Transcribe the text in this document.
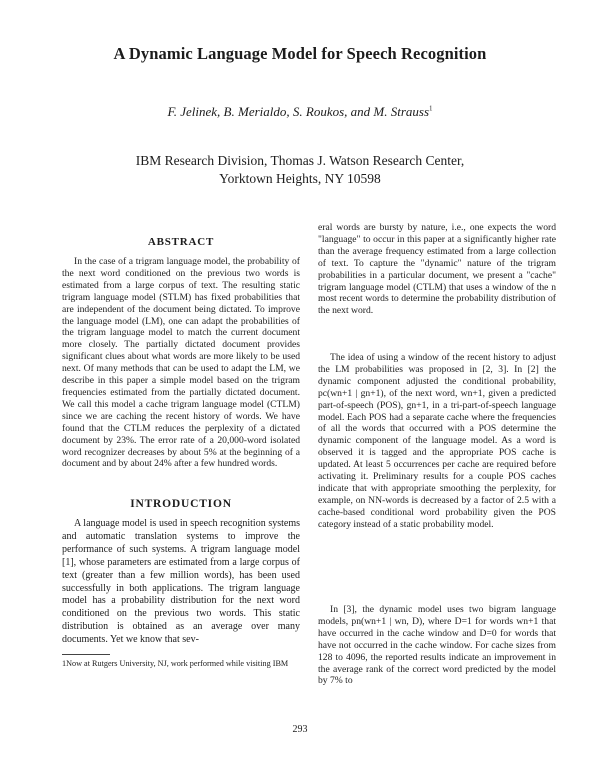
A Dynamic Language Model for Speech Recognition

F. Jelinek, B. Merialdo, S. Roukos, and M. Strauss$^1$

IBM Research Division, Thomas J. Watson Research Center,
Yorktown Heights, NY 10598
ABSTRACT

In the case of a trigram language model, the probability of the next word conditioned on the previous two words is estimated from a large corpus of text. The resulting static trigram language model (STLM) has fixed probabilities that are independent of the document being dictated. To improve the language model (LM), one can adapt the probabilities of the trigram language model to match the current document more closely. The partially dictated document provides significant clues about what words are more likely to be used next. Of many methods that can be used to adapt the LM, we describe in this paper a simple model based on the trigram frequencies estimated from the partially dictated document. We call this model a cache trigram language model (CTLM) since we are caching the recent history of words. We have found that the CTLM reduces the perplexity of a dictated document by 23%. The error rate of a 20,000-word isolated word recognizer decreases by about 5% at the beginning of a document and by about 24% after a few hundred words.

INTRODUCTION

A language model is used in speech recognition systems and automatic translation systems to improve the performance of such systems. A trigram language model [1], whose parameters are estimated from a large corpus of text (greater than a few million words), has been used successfully in both applications. The trigram language model has a probability distribution for the next word conditioned on the previous two words. This static distribution is obtained as an average over many documents. Yet we know that sev-

1Now at Rutgers University, NJ, work performed while visiting IBM

eral words are bursty by nature, i.e., one expects the word "language" to occur in this paper at a significantly higher rate than the average frequency estimated from a large collection of text. To capture the "dynamic" nature of the trigram probabilities in a particular document, we present a "cache" trigram language model (CTLM) that uses a window of the n most recent words to determine the probability distribution of the next word.

The idea of using a window of the recent history to adjust the LM probabilities was proposed in [2, 3]. In [2] the dynamic component adjusted the conditional probability, pc(wn+1 | gn+1), of the next word, wn+1, given a predicted part-of-speech (POS), gn+1, in a tri-part-of-speech language model. Each POS had a separate cache where the frequencies of all the words that occurred with a POS determine the dynamic component of the language model. As a word is observed it is tagged and the appropriate POS cache is updated. At least 5 occurrences per cache are required before activating it. Preliminary results for a couple POS caches indicate that with appropriate smoothing the perplexity, for example, on NN-words is decreased by a factor of 2.5 with a cache-based conditional word probability given the POS category instead of a static probability model.

In [3], the dynamic model uses two bigram language models, pn(wn+1 | wn, D), where D=1 for words wn+1 that have occurred in the cache window and D=0 for words that have not occurred in the cache window. For cache sizes from 128 to 4096, the reported results indicate an improvement in the average rank of the correct word predicted by the model by 7% to

293
